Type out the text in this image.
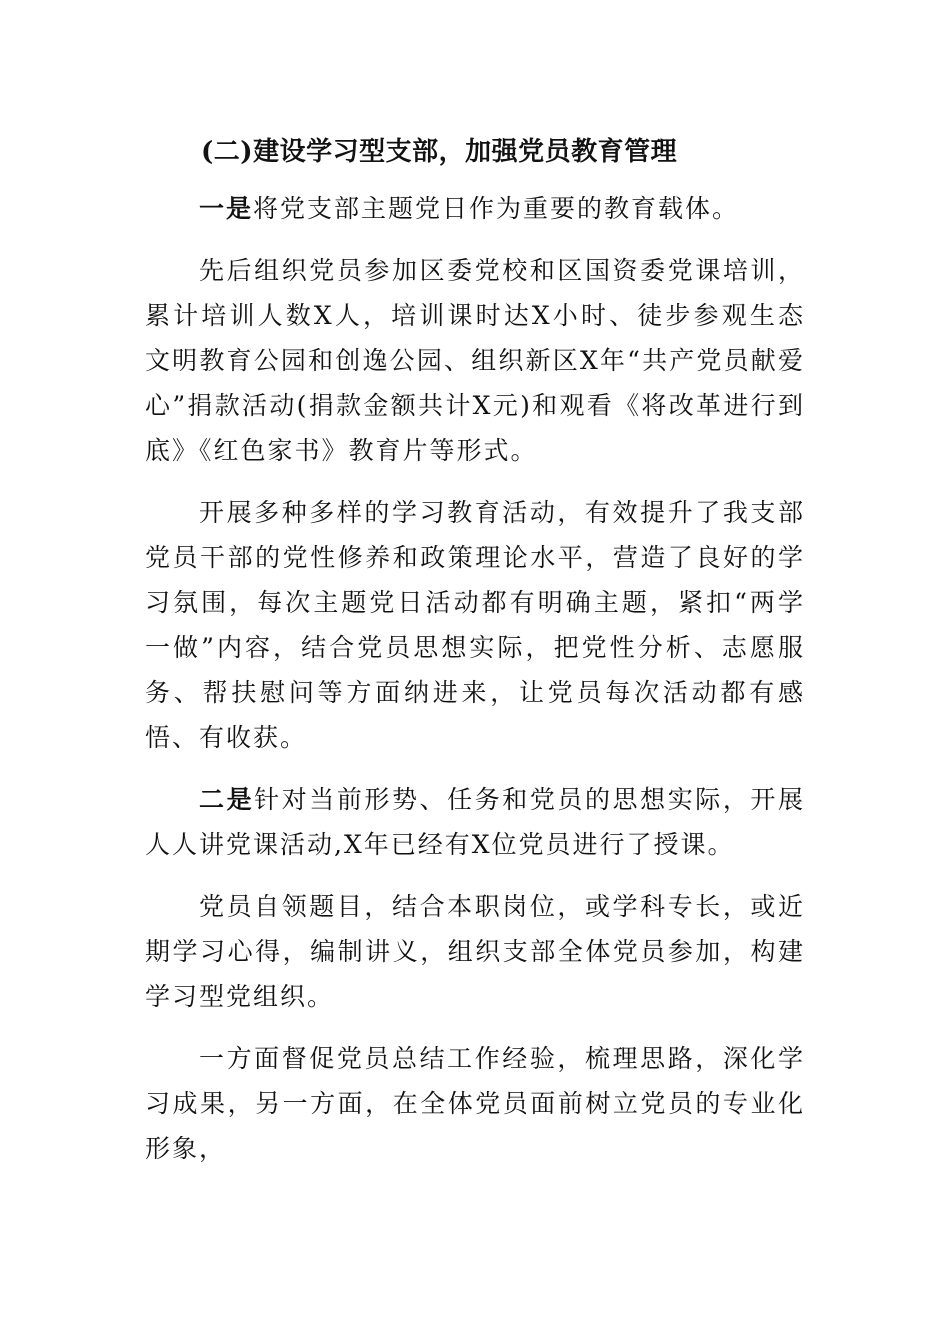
(二)建设学习型支部，加强党员教育管理

一是将党支部主题党日作为重要的教育载体。

先后组织党员参加区委党校和区国资委党课培训，累计培训人数X人，培训课时达X小时、徒步参观生态文明教育公园和创逸公园、组织新区X年“共产党员献爱心”捐款活动(捐款金额共计X元)和观看《将改革进行到底》《红色家书》教育片等形式。

开展多种多样的学习教育活动，有效提升了我支部党员干部的党性修养和政策理论水平，营造了良好的学习氛围，每次主题党日活动都有明确主题，紧扣“两学一做”内容，结合党员思想实际，把党性分析、志愿服务、帮扶慰问等方面纳进来，让党员每次活动都有感悟、有收获。

二是针对当前形势、任务和党员的思想实际，开展人人讲党课活动,X年已经有X位党员进行了授课。

党员自领题目，结合本职岗位，或学科专长，或近期学习心得，编制讲义，组织支部全体党员参加，构建学习型党组织。

一方面督促党员总结工作经验，梳理思路，深化学习成果，另一方面，在全体党员面前树立党员的专业化形象，
